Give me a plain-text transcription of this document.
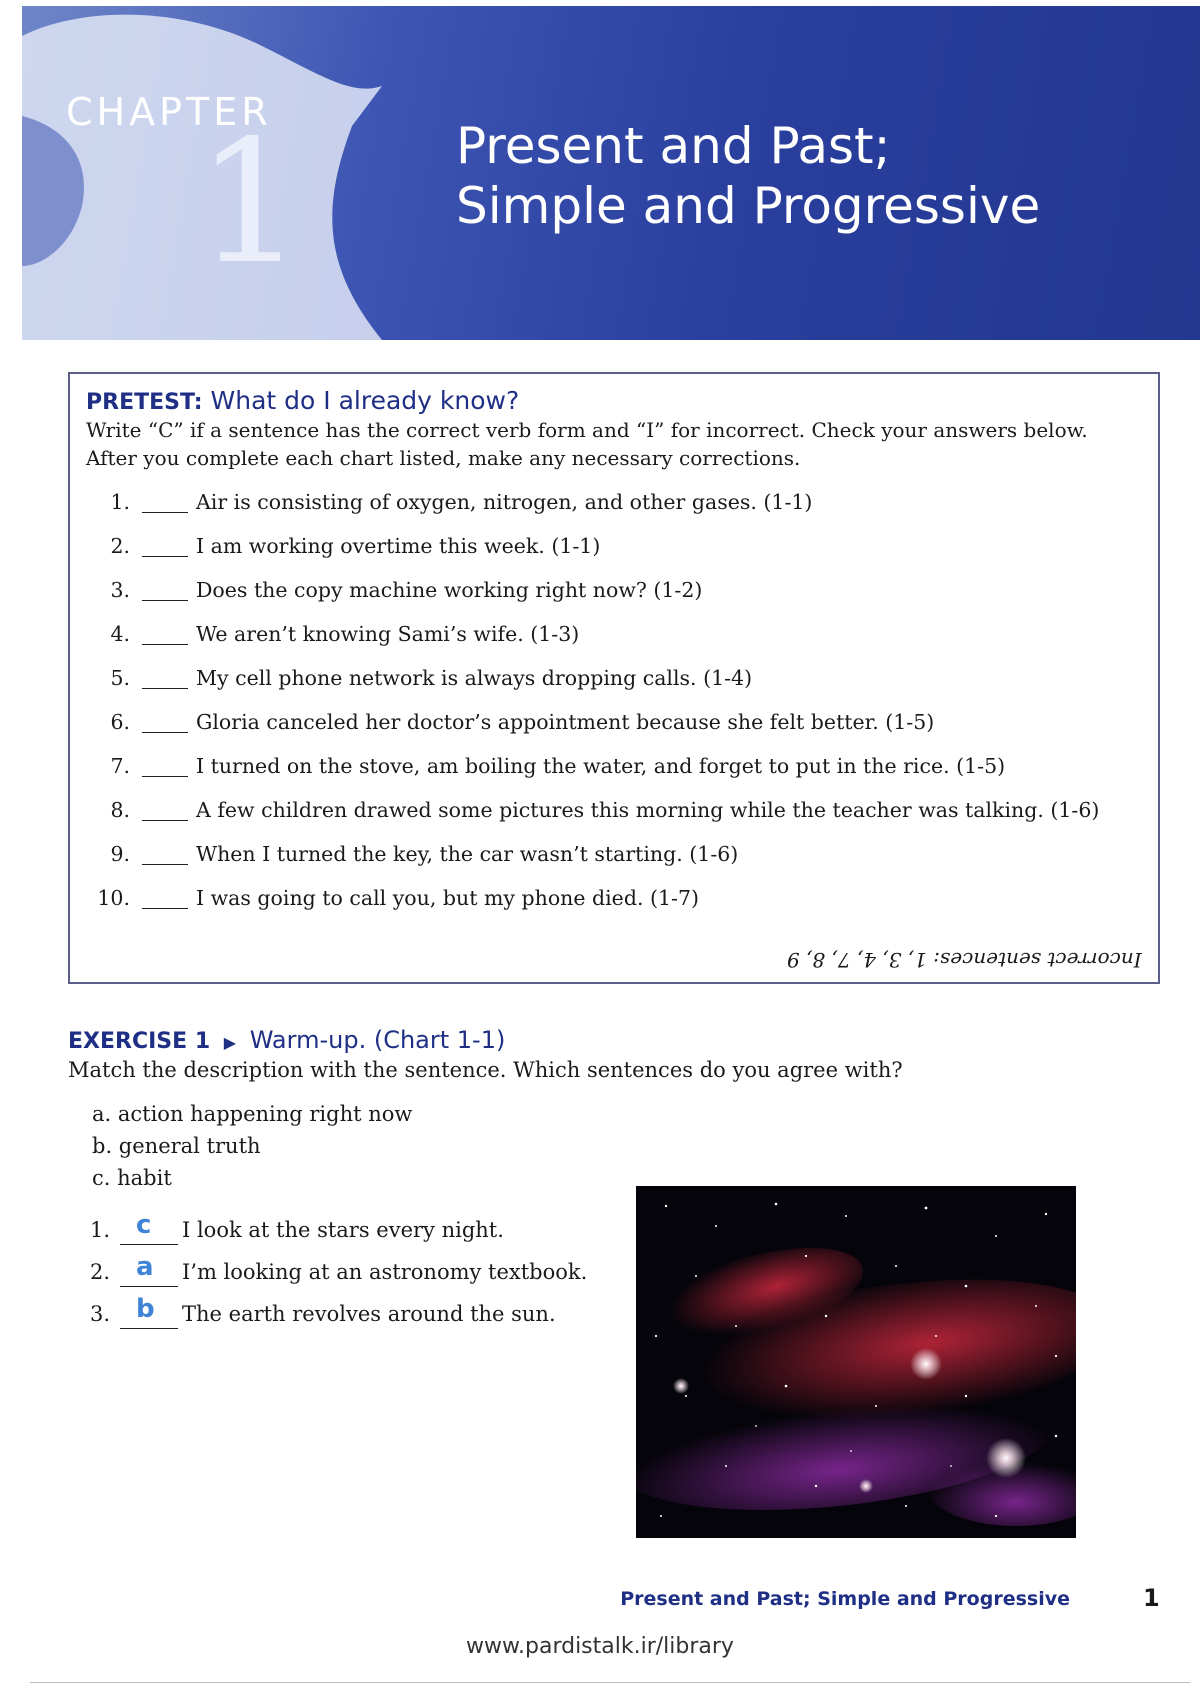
CHAPTER
1	Present and Past;
Simple and Progressive
PRETEST: What do I already know?

Write “C” if a sentence has the correct verb form and “I” for incorrect. Check your answers below. After you complete each chart listed, make any necessary corrections.

1.	Air is consisting of oxygen, nitrogen, and other gases. (1-1)
2.	I am working overtime this week. (1-1)
3.	Does the copy machine working right now? (1-2)
4.	We aren’t knowing Sami’s wife. (1-3)
5.	My cell phone network is always dropping calls. (1-4)
6.	Gloria canceled her doctor’s appointment because she felt better. (1-5)
7.	I turned on the stove, am boiling the water, and forget to put in the rice. (1-5)
8.	A few children drawed some pictures this morning while the teacher was talking. (1-6)
9.	When I turned the key, the car wasn’t starting. (1-6)
10.	I was going to call you, but my phone died. (1-7)

Incorrect sentences: 1, 3, 4, 7, 8, 9

EXERCISE 1 ▶ Warm-up. (Chart 1-1)

Match the description with the sentence. Which sentences do you agree with?

a. action happening right now
b. general truth
c. habit
1. c I look at the stars every night.
2. a I’m looking at an astronomy textbook.
3. b The earth revolves around the sun.

Present and Past; Simple and Progressive	1

www.pardistalk.ir/library
